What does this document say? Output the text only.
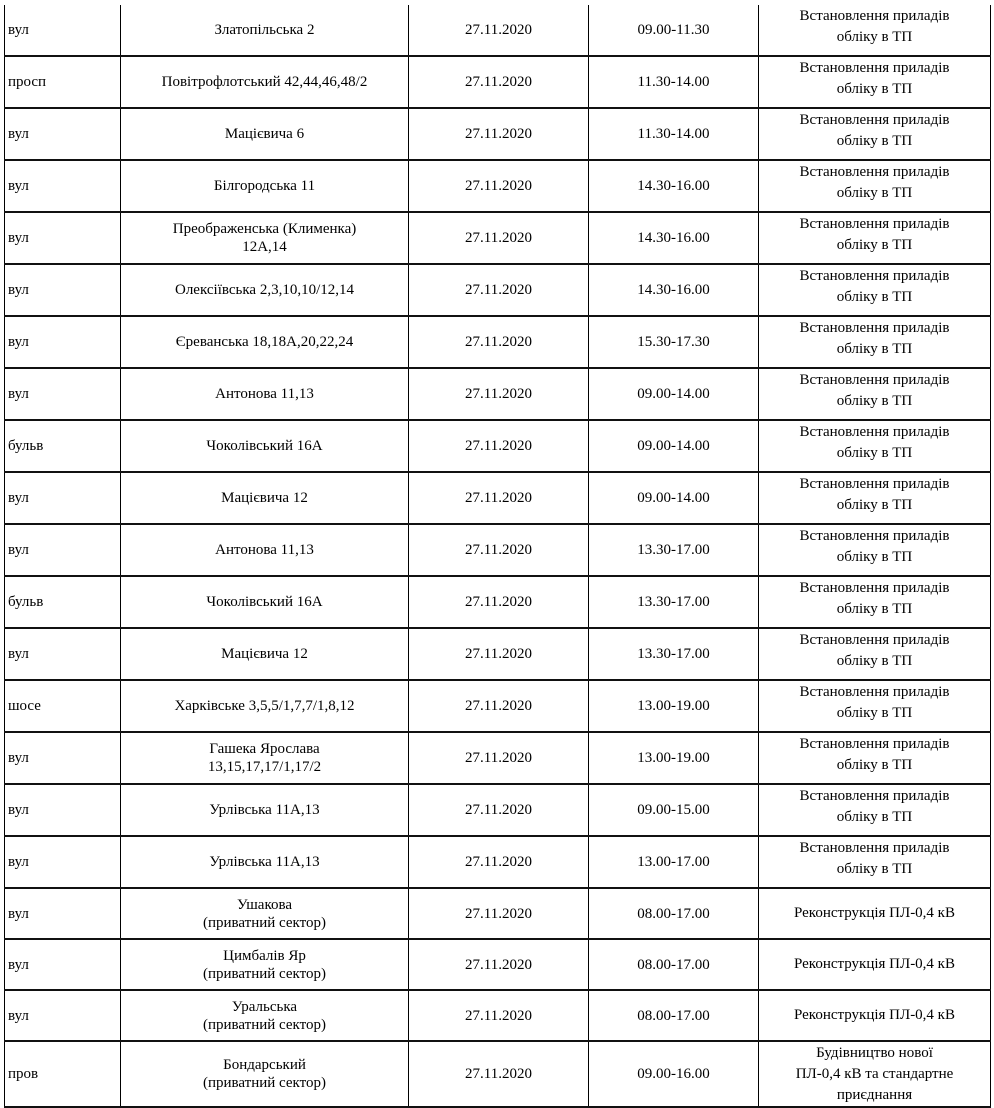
вул	Златопільська 2	27.11.2020	09.00-11.30	Встановлення приладів
обліку в ТП

просп	Повітрофлотський 42,44,46,48/2	27.11.2020	11.30-14.00	Встановлення приладів
обліку в ТП

вул	Мацієвича 6	27.11.2020	11.30-14.00	Встановлення приладів
обліку в ТП

вул	Білгородська 11	27.11.2020	14.30-16.00	Встановлення приладів
обліку в ТП

вул	Преображенська (Клименка)
12А,14	27.11.2020	14.30-16.00	Встановлення приладів
обліку в ТП

вул	Олексіївська 2,3,10,10/12,14	27.11.2020	14.30-16.00	Встановлення приладів
обліку в ТП

вул	Єреванська 18,18А,20,22,24	27.11.2020	15.30-17.30	Встановлення приладів
обліку в ТП

вул	Антонова 11,13	27.11.2020	09.00-14.00	Встановлення приладів
обліку в ТП

бульв	Чоколівський 16А	27.11.2020	09.00-14.00	Встановлення приладів
обліку в ТП

вул	Мацієвича 12	27.11.2020	09.00-14.00	Встановлення приладів
обліку в ТП

вул	Антонова 11,13	27.11.2020	13.30-17.00	Встановлення приладів
обліку в ТП

бульв	Чоколівський 16А	27.11.2020	13.30-17.00	Встановлення приладів
обліку в ТП

вул	Мацієвича 12	27.11.2020	13.30-17.00	Встановлення приладів
обліку в ТП

шосе	Харківське 3,5,5/1,7,7/1,8,12	27.11.2020	13.00-19.00	Встановлення приладів
обліку в ТП

вул	Гашека Ярослава
13,15,17,17/1,17/2	27.11.2020	13.00-19.00	Встановлення приладів
обліку в ТП

вул	Урлівська 11А,13	27.11.2020	09.00-15.00	Встановлення приладів
обліку в ТП

вул	Урлівська 11А,13	27.11.2020	13.00-17.00	Встановлення приладів
обліку в ТП

вул	Ушакова
(приватний сектор)	27.11.2020	08.00-17.00	Реконструкція ПЛ-0,4 кВ

вул	Цимбалів Яр
(приватний сектор)	27.11.2020	08.00-17.00	Реконструкція ПЛ-0,4 кВ

вул	Уральська
(приватний сектор)	27.11.2020	08.00-17.00	Реконструкція ПЛ-0,4 кВ

пров	Бондарський
(приватний сектор)	27.11.2020	09.00-16.00	Будівництво нової
ПЛ-0,4 кВ та стандартне
приєднання
